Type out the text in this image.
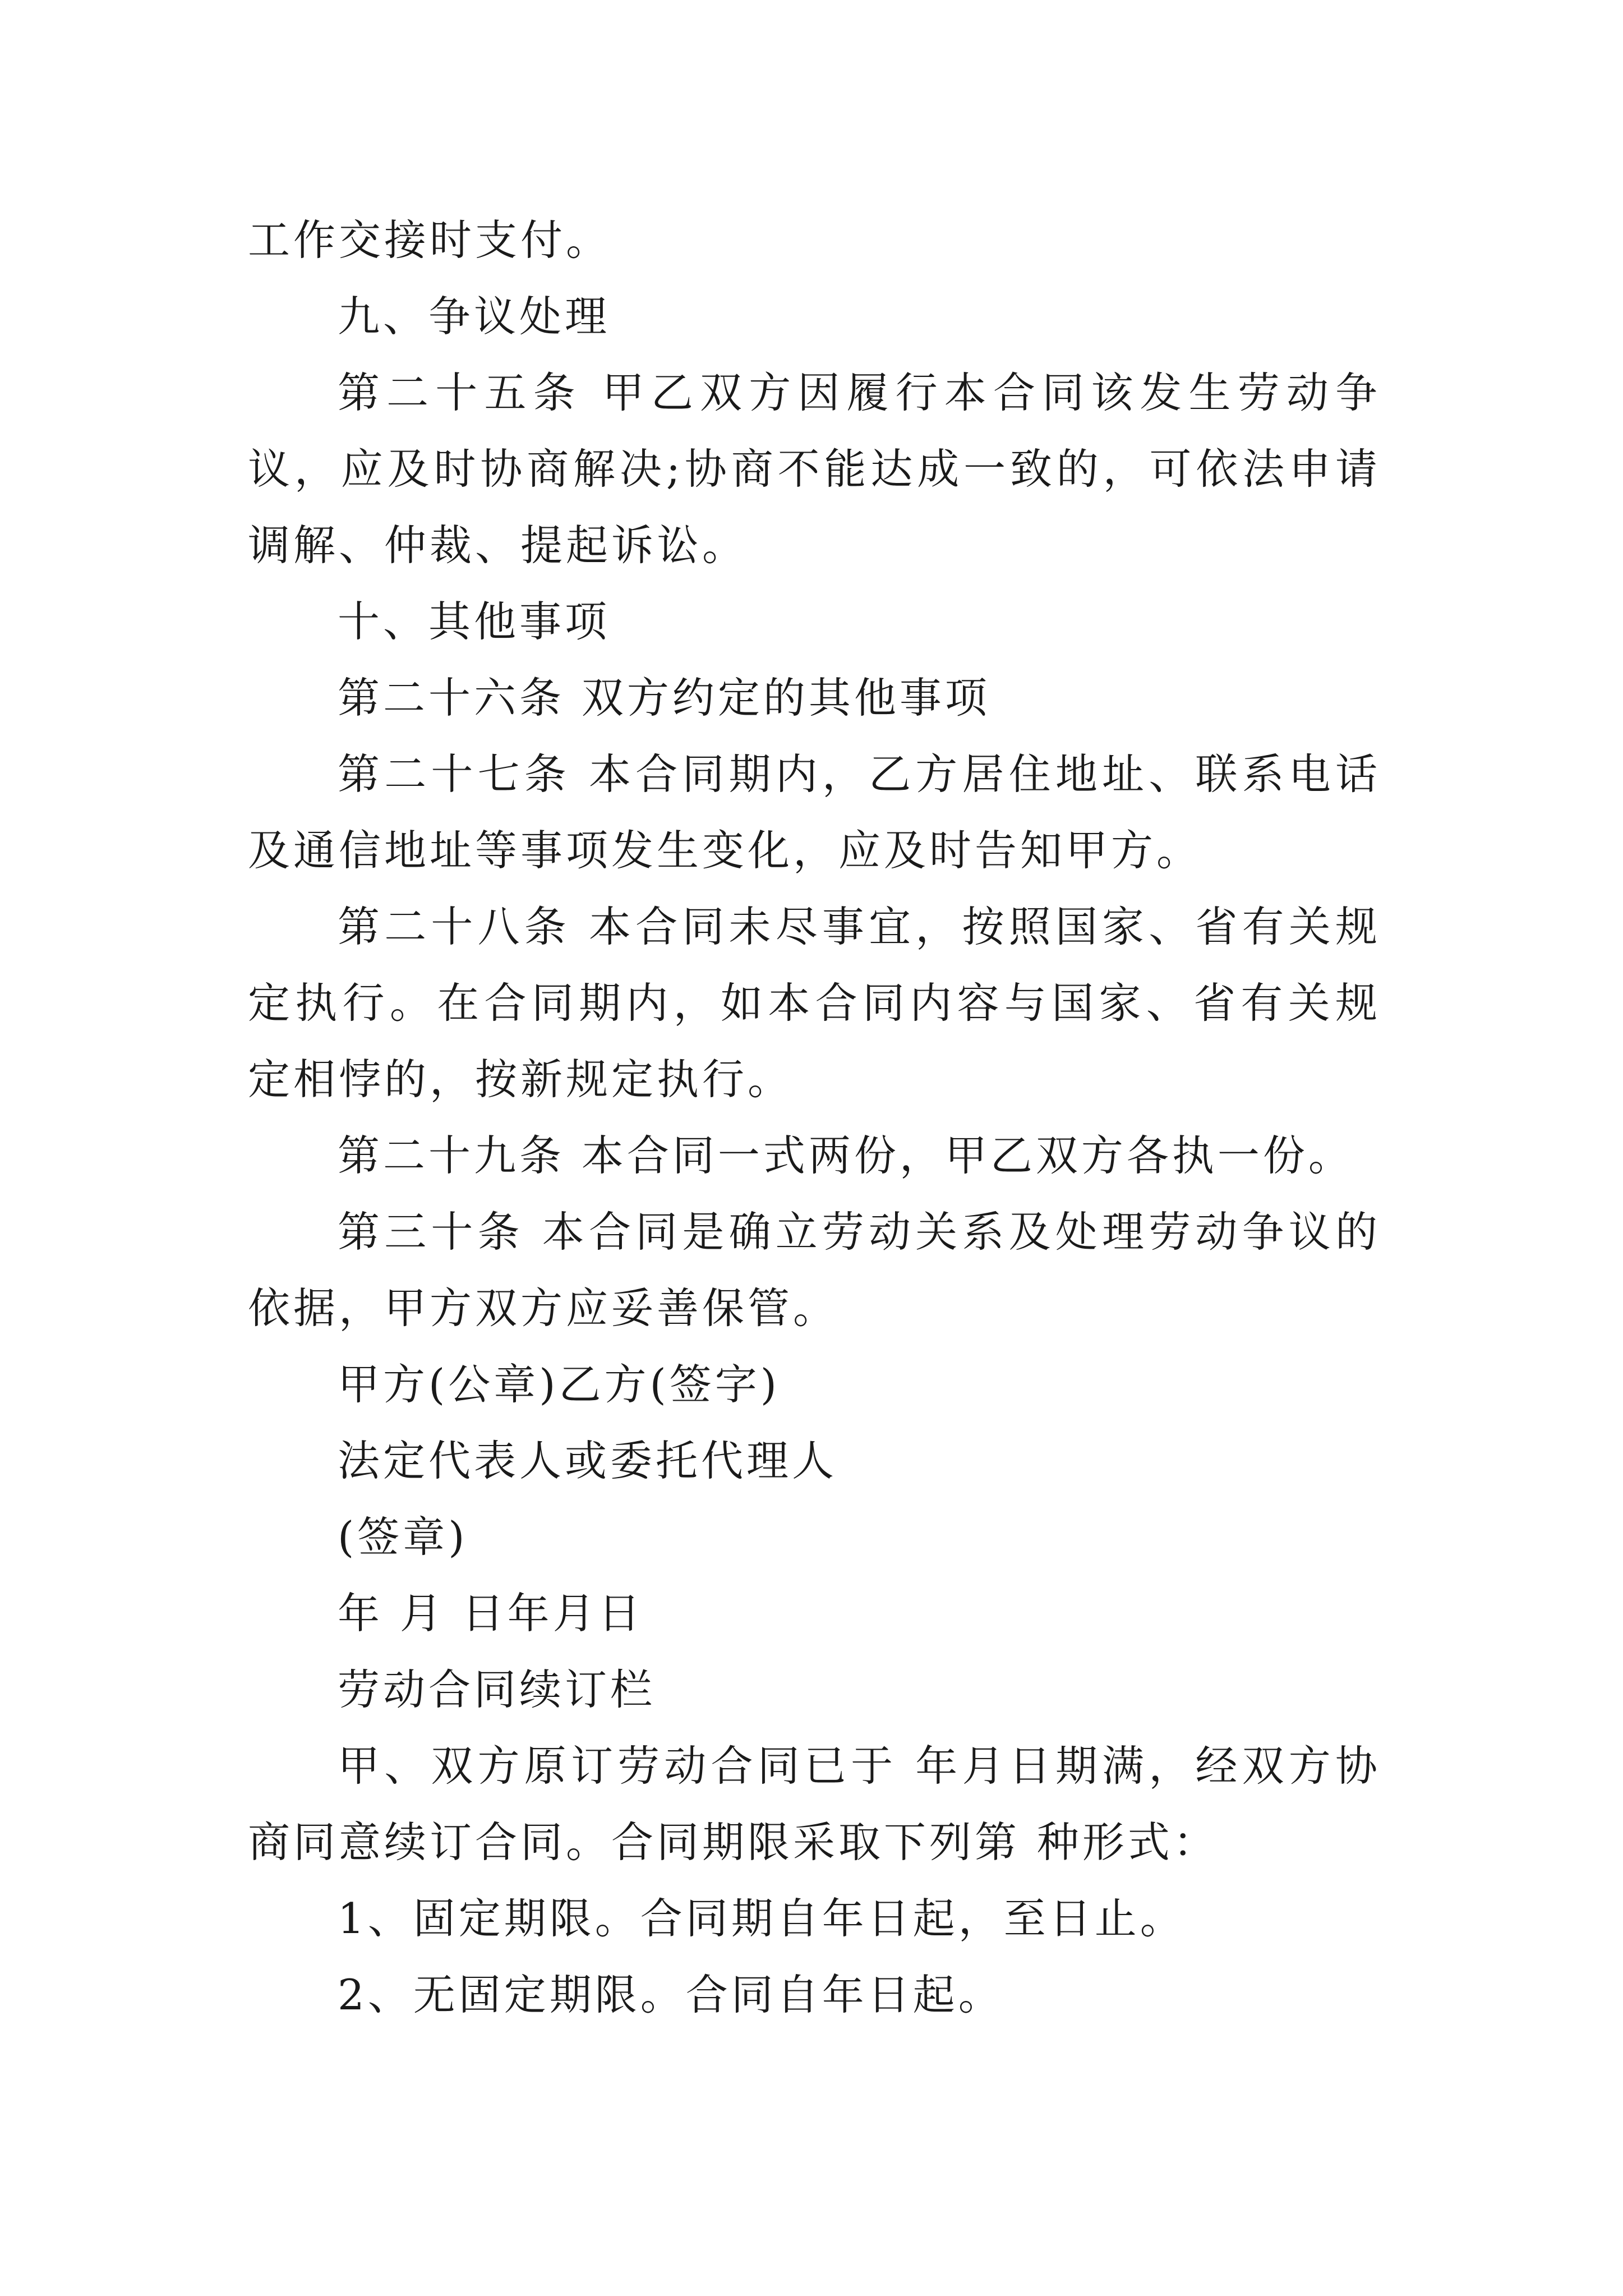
工作交接时支付。

九、争议处理

第二十五条 甲乙双方因履行本合同该发生劳动争议，应及时协商解决;协商不能达成一致的，可依法申请调解、仲裁、提起诉讼。

十、其他事项

第二十六条 双方约定的其他事项

第二十七条 本合同期内，乙方居住地址、联系电话及通信地址等事项发生变化，应及时告知甲方。

第二十八条 本合同未尽事宜，按照国家、省有关规定执行。在合同期内，如本合同内容与国家、省有关规定相悖的，按新规定执行。

第二十九条 本合同一式两份，甲乙双方各执一份。

第三十条 本合同是确立劳动关系及处理劳动争议的依据，甲方双方应妥善保管。

甲方(公章)乙方(签字)

法定代表人或委托代理人

(签章)

年 月 日年月日

劳动合同续订栏

甲、双方原订劳动合同已于 年月日期满，经双方协商同意续订合同。合同期限采取下列第 种形式：

1、固定期限。合同期自年日起，至日止。

2、无固定期限。合同自年日起。
